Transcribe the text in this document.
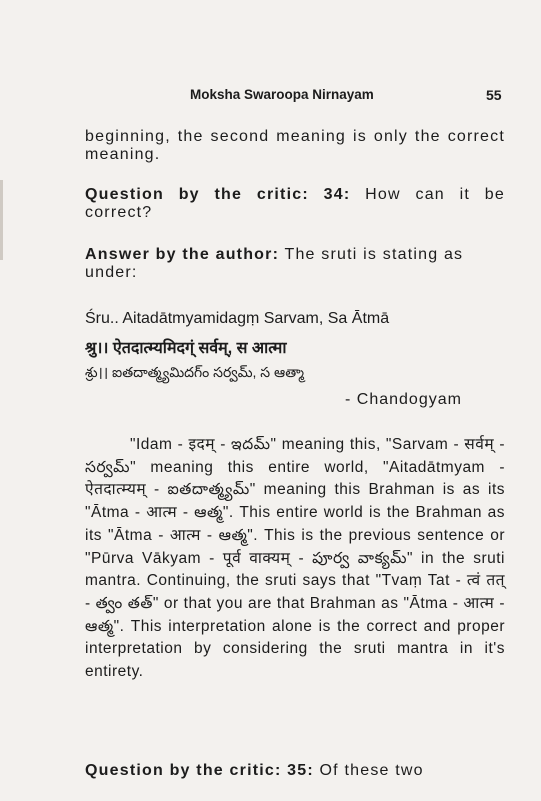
Moksha Swaroopa Nirnayam	55
beginning, the second meaning is only the correct meaning.
Question by the critic: 34: How can it be correct?
Answer by the author: The sruti is stating as under:
Śru.. Aitadātmyamidagṃ Sarvam, Sa Ātmā
श्रु।। ऐतदात्म्यमिदग्ं सर्वम्, स आत्मा
శ్రు।। ఐతదాత్మ్యమిదగ్ం సర్వమ్, స ఆత్మా
- Chandogyam
"Idam - इदम् - ఇదమ్" meaning this, "Sarvam - सर्वम् - సర్వమ్" meaning this entire world, "Aitadātmyam - ऐतदात्म्यम् - ఐతదాత్మ్యమ్" meaning this Brahman is as its "Ātma - आत्म - ఆత్మ". This entire world is the Brahman as its "Ātma - आत्म - ఆత్మ". This is the previous sentence or "Pūrva Vākyam - पूर्व वाक्यम् - పూర్వ వాక్యమ్" in the sruti mantra. Continuing, the sruti says that "Tvaṃ Tat - त्वं तत् - త్వం తత్" or that you are that Brahman as "Ātma - आत्म - ఆత్మ". This interpretation alone is the correct and proper interpretation by considering the sruti mantra in it's entirety.
Question by the critic: 35: Of these two
